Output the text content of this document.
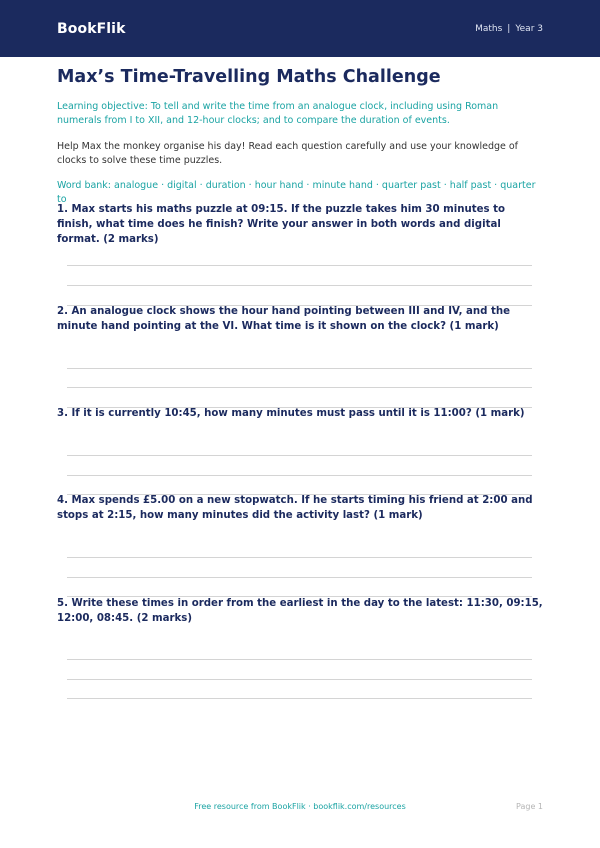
BookFlik	Maths | Year 3
Max’s Time-Travelling Maths Challenge
Learning objective: To tell and write the time from an analogue clock, including using Roman numerals from I to XII, and 12-hour clocks; and to compare the duration of events.
Help Max the monkey organise his day! Read each question carefully and use your knowledge of clocks to solve these time puzzles.
Word bank: analogue · digital · duration · hour hand · minute hand · quarter past · half past · quarter to
1. Max starts his maths puzzle at 09:15. If the puzzle takes him 30 minutes to finish, what time does he finish? Write your answer in both words and digital format. (2 marks)
2. An analogue clock shows the hour hand pointing between III and IV, and the minute hand pointing at the VI. What time is it shown on the clock? (1 mark)
3. If it is currently 10:45, how many minutes must pass until it is 11:00? (1 mark)
4. Max spends £5.00 on a new stopwatch. If he starts timing his friend at 2:00 and stops at 2:15, how many minutes did the activity last? (1 mark)
5. Write these times in order from the earliest in the day to the latest: 11:30, 09:15, 12:00, 08:45. (2 marks)
Free resource from BookFlik · bookflik.com/resources	Page 1
